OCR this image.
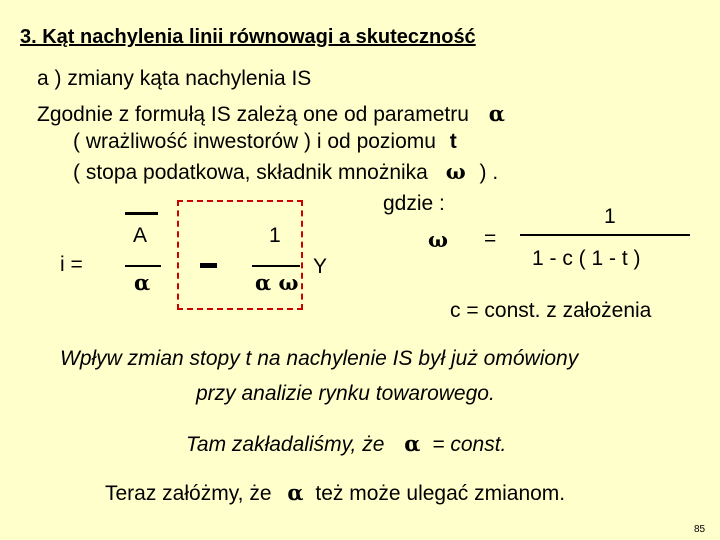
3. Kąt nachylenia linii równowagi a skuteczność
a ) zmiany kąta nachylenia IS
Zgodnie z formułą IS zależą one od parametru α
( wrażliwość inwestorów ) i od poziomu t
( stopa podatkowa, składnik mnożnika ω ) .
i =
A
α
1
α ω
Y
gdzie :
ω =
1
1 - c ( 1 - t )
c = const. z założenia
Wpływ zmian stopy t na nachylenie IS był już omówiony
przy analizie rynku towarowego.
Tam zakładaliśmy, że α = const.
Teraz załóżmy, że α też może ulegać zmianom.
85
